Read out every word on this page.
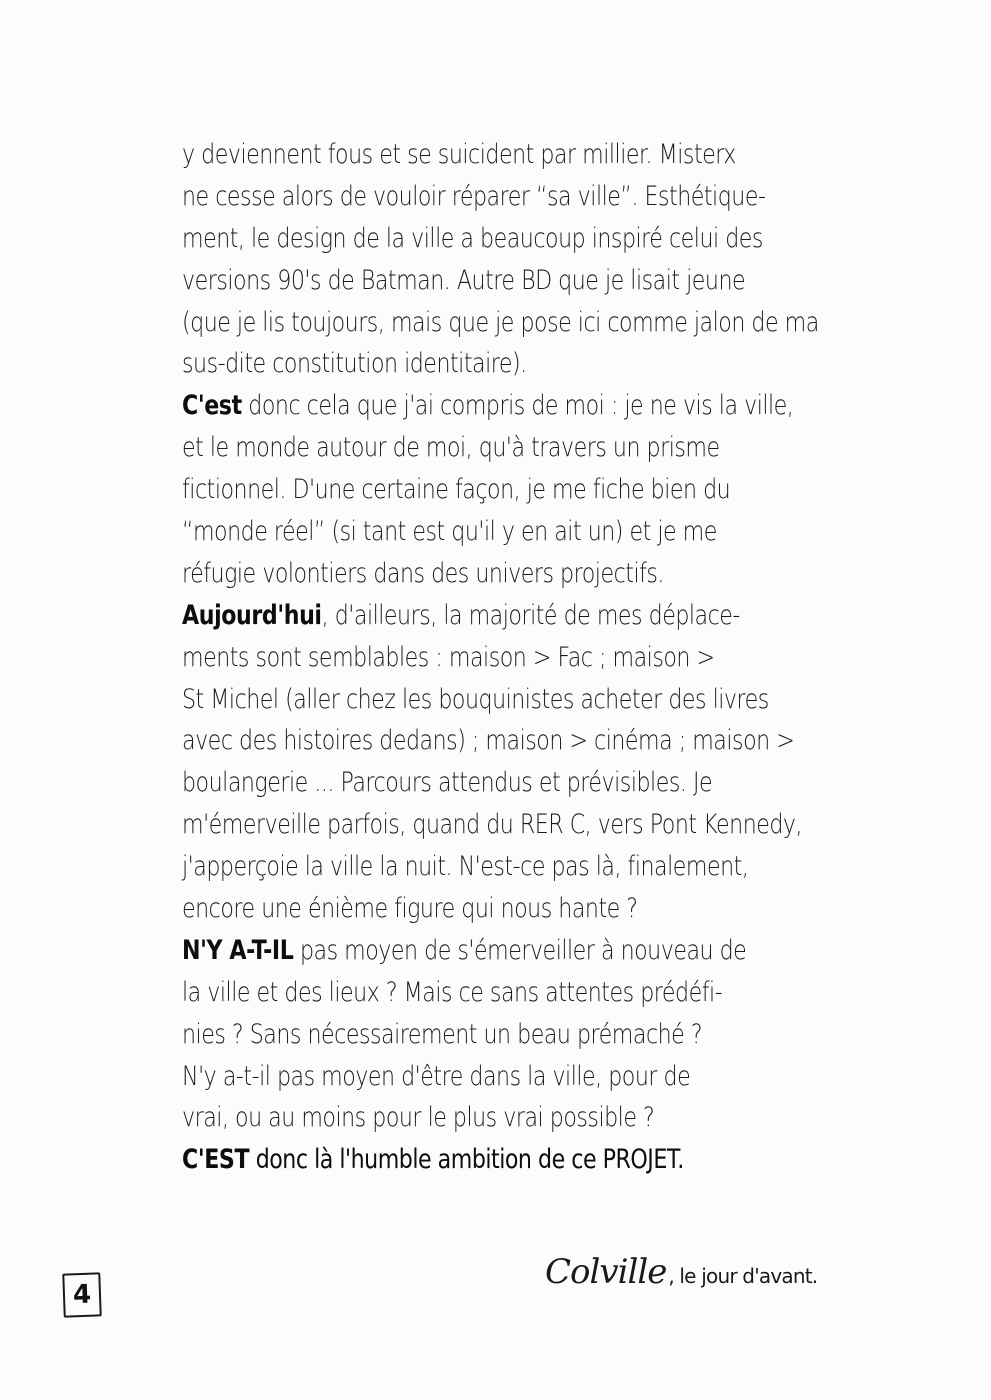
y deviennent fous et se suicident par millier. Misterx
ne cesse alors de vouloir réparer “sa ville”. Esthétique-
ment, le design de la ville a beaucoup inspiré celui des
versions 90's de Batman. Autre BD que je lisait jeune
(que je lis toujours, mais que je pose ici comme jalon de ma
sus-dite constitution identitaire).
C'est donc cela que j'ai compris de moi : je ne vis la ville,
et le monde autour de moi, qu'à travers un prisme
fictionnel. D'une certaine façon, je me fiche bien du
“monde réel” (si tant est qu'il y en ait un) et je me
réfugie volontiers dans des univers projectifs.
Aujourd'hui, d'ailleurs, la majorité de mes déplace-
ments sont semblables : maison > Fac ; maison >
St Michel (aller chez les bouquinistes acheter des livres
avec des histoires dedans) ; maison > cinéma ; maison >
boulangerie ... Parcours attendus et prévisibles. Je
m'émerveille parfois, quand du RER C, vers Pont Kennedy,
j'apperçoie la ville la nuit. N'est-ce pas là, finalement,
encore une énième figure qui nous hante ?
N'Y A-T-IL pas moyen de s'émerveiller à nouveau de
la ville et des lieux ? Mais ce sans attentes prédéfi-
nies ? Sans nécessairement un beau prémaché ?
N'y a-t-il pas moyen d'être dans la ville, pour de
vrai, ou au moins pour le plus vrai possible ?
C'EST donc là l'humble ambition de ce PROJET.
Colville , le jour d'avant.
4
